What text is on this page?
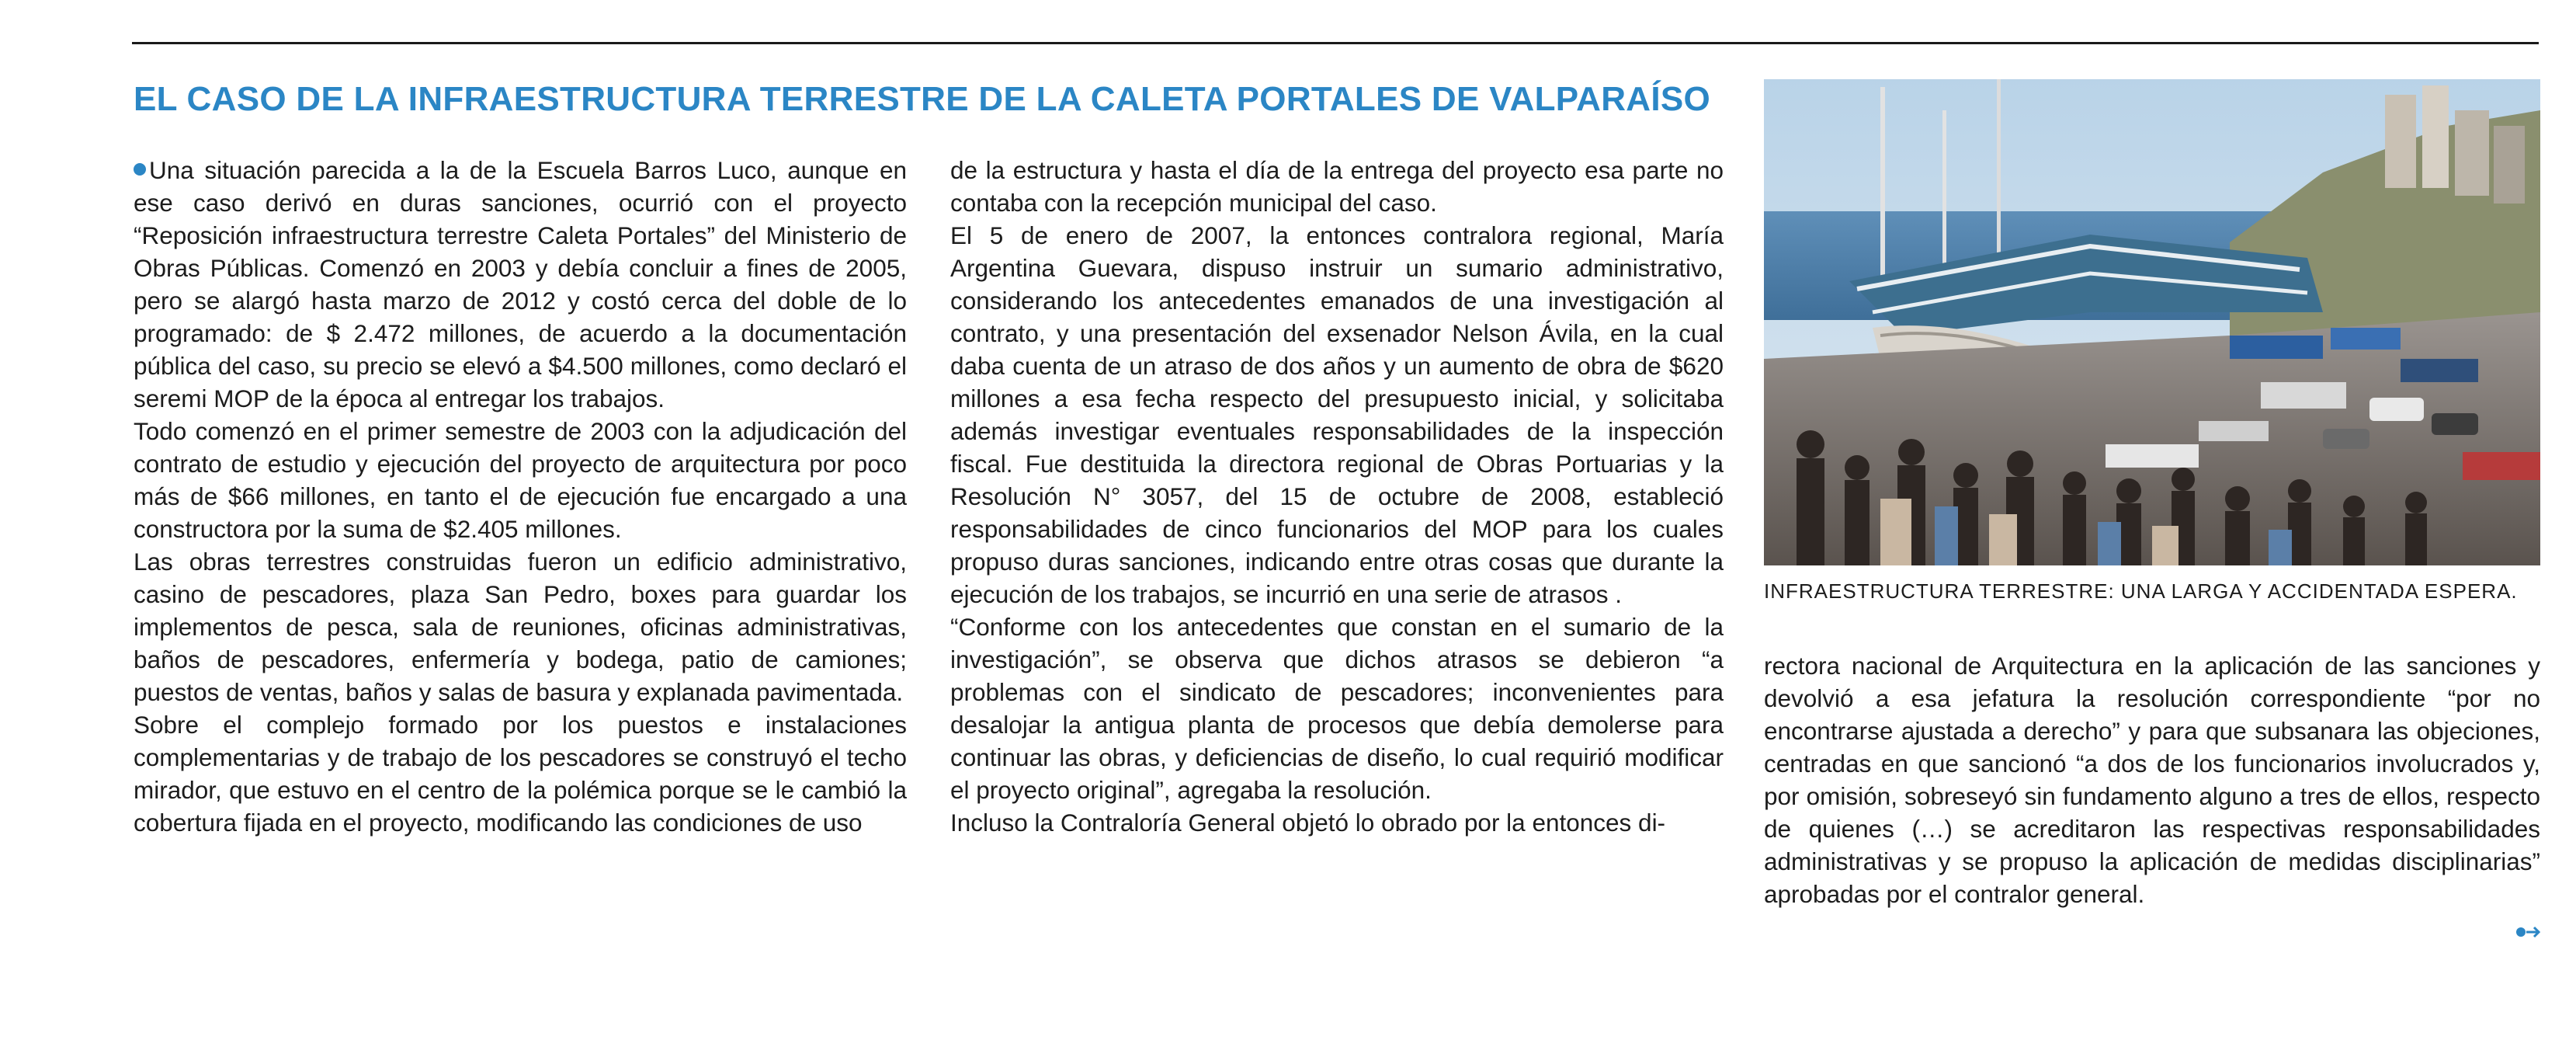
EL CASO DE LA INFRAESTRUCTURA TERRESTRE DE LA CALETA PORTALES DE VALPARAÍSO

Una situación parecida a la de la Escuela Barros Luco, aunque en ese caso derivó en duras sanciones, ocurrió con el proyecto “Reposición infraestructura terrestre Caleta Portales” del Ministerio de Obras Públicas. Comenzó en 2003 y debía concluir a fines de 2005, pero se alargó hasta marzo de 2012 y costó cerca del doble de lo programado: de $ 2.472 millones, de acuerdo a la documentación pública del caso, su precio se elevó a $4.500 millones, como declaró el seremi MOP de la época al entregar los trabajos.

Todo comenzó en el primer semestre de 2003 con la adjudicación del contrato de estudio y ejecución del proyecto de arquitectura por poco más de $66 millones, en tanto el de ejecución fue encargado a una constructora por la suma de $2.405 millones.

Las obras terrestres construidas fueron un edificio administrativo, casino de pescadores, plaza San Pedro, boxes para guardar los implementos de pesca, sala de reuniones, oficinas administrativas, baños de pescadores, enfermería y bodega, patio de camiones; puestos de ventas, baños y salas de basura y explanada pavimentada.

Sobre el complejo formado por los puestos e instalaciones complementarias y de trabajo de los pescadores se construyó el techo mirador, que estuvo en el centro de la polémica porque se le cambió la cobertura fijada en el proyecto, modificando las condiciones de uso

de la estructura y hasta el día de la entrega del proyecto esa parte no contaba con la recepción municipal del caso.

El 5 de enero de 2007, la entonces contralora regional, María Argentina Guevara, dispuso instruir un sumario administrativo, considerando los antecedentes emanados de una investigación al contrato, y una presentación del exsenador Nelson Ávila, en la cual daba cuenta de un atraso de dos años y un aumento de obra de $620 millones a esa fecha respecto del presupuesto inicial, y solicitaba además investigar eventuales responsabilidades de la inspección fiscal. Fue destituida la directora regional de Obras Portuarias y la Resolución N° 3057, del 15 de octubre de 2008, estableció responsabilidades de cinco funcionarios del MOP para los cuales propuso duras sanciones, indicando entre otras cosas que durante la ejecución de los trabajos, se incurrió en una serie de atrasos .

“Conforme con los antecedentes que constan en el sumario de la investigación”, se observa que dichos atrasos se debieron “a problemas con el sindicato de pescadores; inconvenientes para desalojar la antigua planta de procesos que debía demolerse para continuar las obras, y deficiencias de diseño, lo cual requirió modificar el proyecto original”, agregaba la resolución.

Incluso la Contraloría General objetó lo obrado por la entonces di-

INFRAESTRUCTURA TERRESTRE: UNA LARGA Y ACCIDENTADA ESPERA.

rectora nacional de Arquitectura en la aplicación de las sanciones y devolvió a esa jefatura la resolución correspondiente “por no encontrarse ajustada a derecho” y para que subsanara las objeciones, centradas en que sancionó “a dos de los funcionarios involucrados y, por omisión, sobreseyó sin fundamento alguno a tres de ellos, respecto de quienes (…) se acreditaron las respectivas responsabilidades administrativas y se propuso la aplicación de medidas disciplinarias” aprobadas por el contralor general.
